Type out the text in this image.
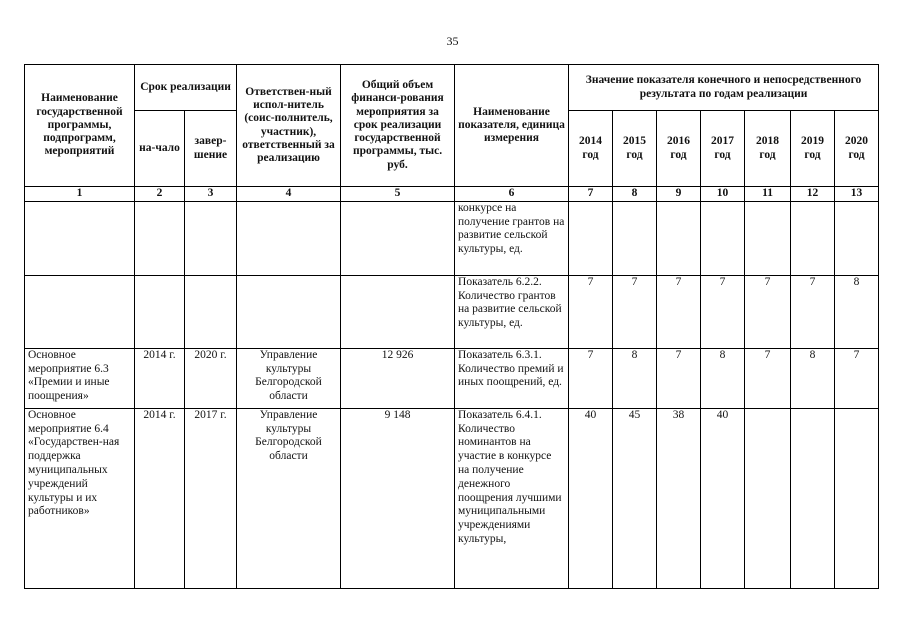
35
Наименование государственной программы, подпрограмм, мероприятий	Срок реализации		Ответствен-ный испол-нитель (соис-полнитель, участник), ответственный за реализацию	Общий объем финанси-рования мероприятия за срок реализации государственной программы, тыс. руб.	Наименование показателя, единица измерения	Значение показателя конечного и непосредственного результата по годам реализации						
	на-чало	завер-шение				2014 год	2015 год	2016 год	2017 год	2018 год	2019 год	2020 год
1	2	3	4	5	6	7	8	9	10	11	12	13
					конкурсе на получение грантов на развитие сельской культуры, ед.							
					Показатель 6.2.2. Количество грантов на развитие сельской культуры, ед.	7	7	7	7	7	7	8
Основное мероприятие 6.3 «Премии и иные поощрения»	2014 г.	2020 г.	Управление культуры Белгородской области	12 926	Показатель 6.3.1. Количество премий и иных поощрений, ед.	7	8	7	8	7	8	7
Основное мероприятие 6.4 «Государствен-ная поддержка муниципальных учреждений культуры и их работников»	2014 г.	2017 г.	Управление культуры Белгородской области	9 148	Показатель 6.4.1. Количество номинантов на участие в конкурсе на получение денежного поощрения лучшими муниципальными учреждениями культуры,	40	45	38	40			
